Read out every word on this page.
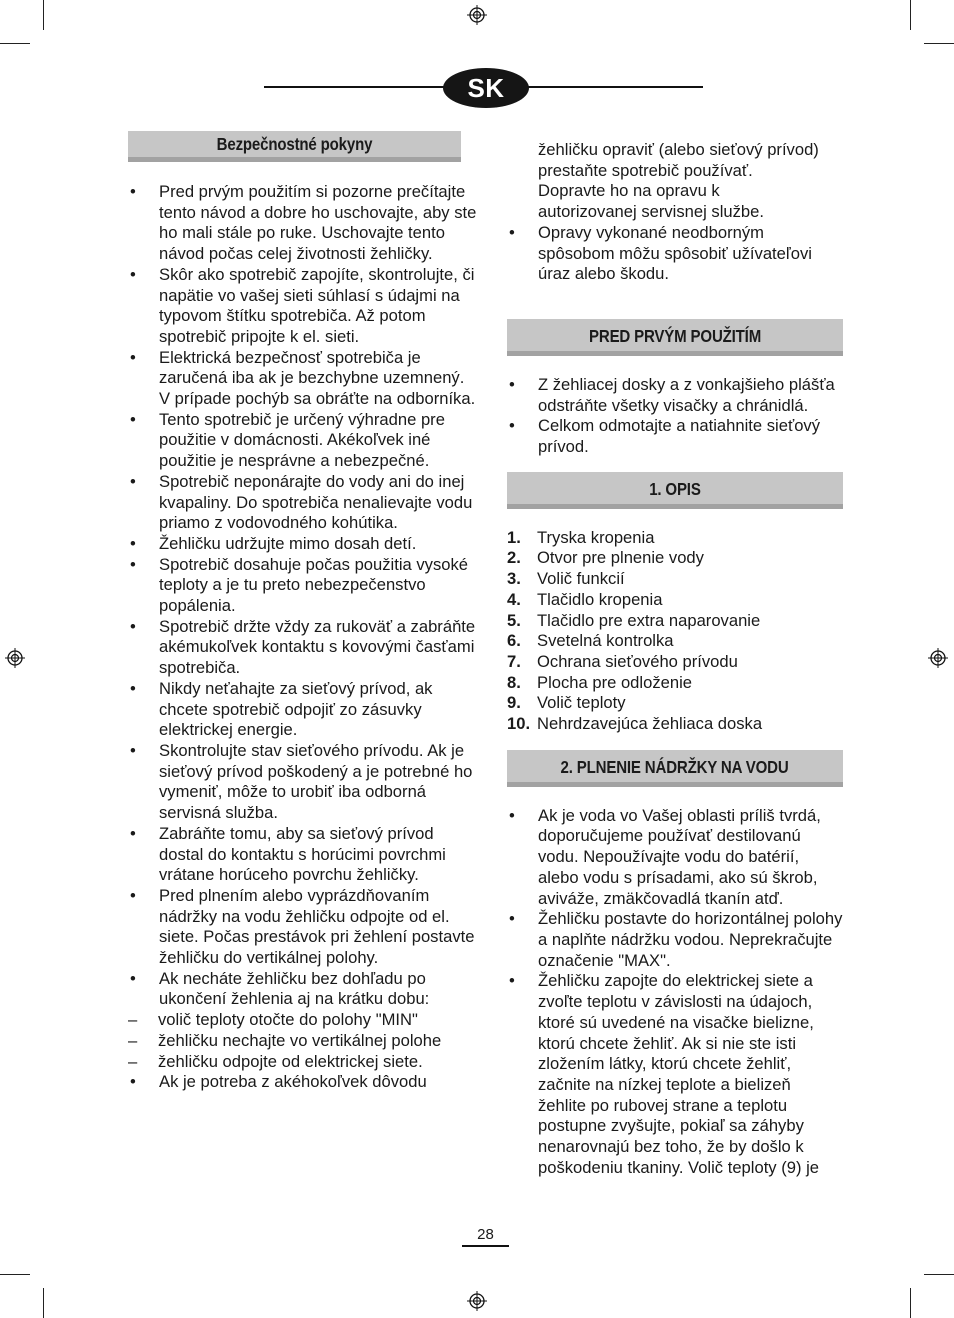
SK
Bezpečnostné pokyny
• Pred prvým použitím si pozorne prečítajte tento návod a dobre ho uschovajte, aby ste ho mali stále po ruke. Uschovajte tento návod počas celej životnosti žehličky.
• Skôr ako spotrebič zapojíte, skontrolujte, či napätie vo vašej sieti súhlasí s údajmi na typovom štítku spotrebiča. Až potom spotrebič pripojte k el. sieti.
• Elektrická bezpečnosť spotrebiča je zaručená iba ak je bezchybne uzemnený. V prípade pochýb sa obráťte na odborníka.
• Tento spotrebič je určený výhradne pre použitie v domácnosti. Akékoľvek iné použitie je nesprávne a nebezpečné.
• Spotrebič neponárajte do vody ani do inej kvapaliny. Do spotrebiča nenalievajte vodu priamo z vodovodného kohútika.
• Žehličku udržujte mimo dosah detí.
• Spotrebič dosahuje počas použitia vysoké teploty a je tu preto nebezpečenstvo popálenia.
• Spotrebič držte vždy za rukoväť a zabráňte akémukoľvek kontaktu s kovovými časťami spotrebiča.
• Nikdy neťahajte za sieťový prívod, ak chcete spotrebič odpojiť zo zásuvky elektrickej energie.
• Skontrolujte stav sieťového prívodu. Ak je sieťový prívod poškodený a je potrebné ho vymeniť, môže to urobiť iba odborná servisná služba.
• Zabráňte tomu, aby sa sieťový prívod dostal do kontaktu s horúcimi povrchmi vrátane horúceho povrchu žehličky.
• Pred plnením alebo vyprázdňovaním nádržky na vodu žehličku odpojte od el. siete. Počas prestávok pri žehlení postavte žehličku do vertikálnej polohy.
• Ak necháte žehličku bez dohľadu po ukončení žehlenia aj na krátku dobu:
– volič teploty otočte do polohy "MIN"
– žehličku nechajte vo vertikálnej polohe
– žehličku odpojte od elektrickej siete.
• Ak je potreba z akéhokoľvek dôvodu
žehličku opraviť (alebo sieťový prívod) prestaňte spotrebič používať. Dopravte ho na opravu k autorizovanej servisnej službe.
• Opravy vykonané neodborným spôsobom môžu spôsobiť užívateľovi úraz alebo škodu.
PRED PRVÝM POUŽITÍM
• Z žehliacej dosky a z vonkajšieho plášťa odstráňte všetky visačky a chránidlá.
• Celkom odmotajte a natiahnite sieťový prívod.
1. OPIS
1. Tryska kropenia
2. Otvor pre plnenie vody
3. Volič funkcií
4. Tlačidlo kropenia
5. Tlačidlo pre extra naparovanie
6. Svetelná kontrolka
7. Ochrana sieťového prívodu
8. Plocha pre odloženie
9. Volič teploty
10. Nehrdzavejúca žehliaca doska
2. PLNENIE NÁDRŽKY NA VODU
• Ak je voda vo Vašej oblasti príliš tvrdá, doporučujeme používať destilovanú vodu. Nepoužívajte vodu do batérií, alebo vodu s prísadami, ako sú škrob, aviváže, zmäkčovadlá tkanín atď.
• Žehličku postavte do horizontálnej polohy a naplňte nádržku vodou. Neprekračujte označenie "MAX".
• Žehličku zapojte do elektrickej siete a zvoľte teplotu v závislosti na údajoch, ktoré sú uvedené na visačke bielizne, ktorú chcete žehliť. Ak si nie ste isti zložením látky, ktorú chcete žehliť, začnite na nízkej teplote a bielizeň žehlite po rubovej strane a teplotu postupne zvyšujte, pokiaľ sa záhyby nenarovnajú bez toho, že by došlo k poškodeniu tkaniny. Volič teploty (9) je
28
